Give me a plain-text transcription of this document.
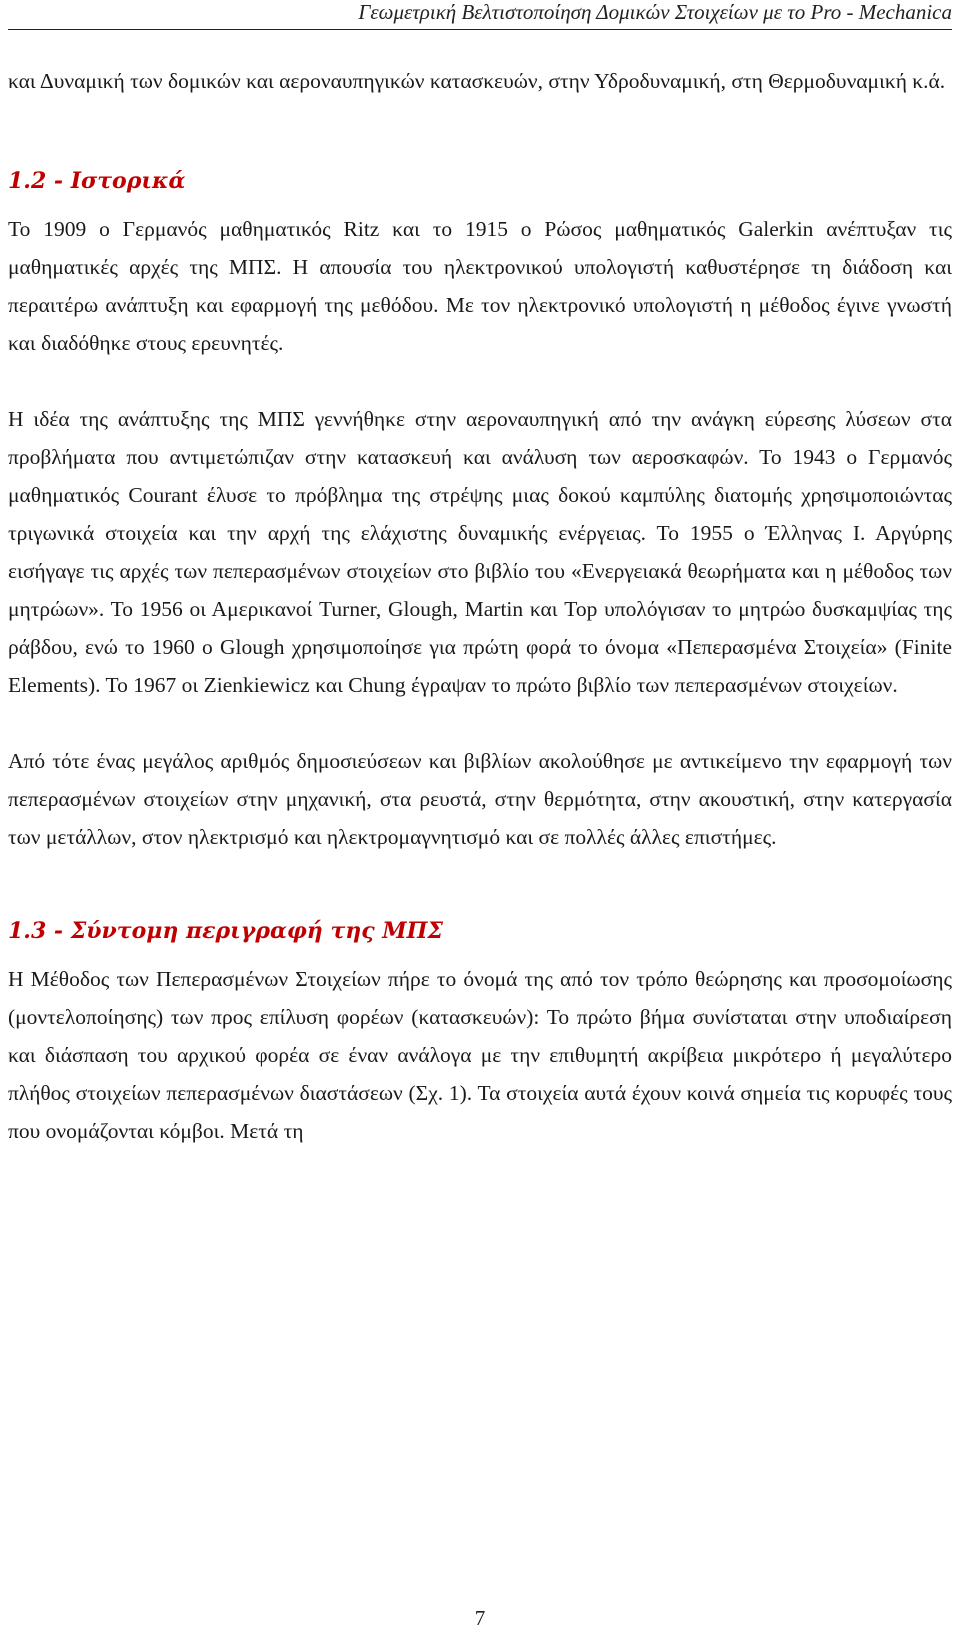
Γεωμετρική Βελτιστοποίηση Δομικών Στοιχείων με το Pro - Mechanica

και Δυναμική των δομικών και αεροναυπηγικών κατασκευών, στην Υδροδυναμική, στη Θερμοδυναμική κ.ά.

1.2 - Ιστορικά

Το 1909 ο Γερμανός μαθηματικός Ritz και το 1915 ο Ρώσος μαθηματικός Galerkin ανέπτυξαν τις μαθηματικές αρχές της ΜΠΣ. Η απουσία του ηλεκτρονικού υπολογιστή καθυστέρησε τη διάδοση και περαιτέρω ανάπτυξη και εφαρμογή της μεθόδου. Με τον ηλεκτρονικό υπολογιστή η μέθοδος έγινε γνωστή και διαδόθηκε στους ερευνητές.

Η ιδέα της ανάπτυξης της ΜΠΣ γεννήθηκε στην αεροναυπηγική από την ανάγκη εύρεσης λύσεων στα προβλήματα που αντιμετώπιζαν στην κατασκευή και ανάλυση των αεροσκαφών. Το 1943 ο Γερμανός μαθηματικός Courant έλυσε το πρόβλημα της στρέψης μιας δοκού καμπύλης διατομής χρησιμοποιώντας τριγωνικά στοιχεία και την αρχή της ελάχιστης δυναμικής ενέργειας. Το 1955 ο Έλληνας Ι. Αργύρης εισήγαγε τις αρχές των πεπερασμένων στοιχείων στο βιβλίο του «Ενεργειακά θεωρήματα και η μέθοδος των μητρώων». Το 1956 οι Αμερικανοί Turner, Glough, Martin και Top υπολόγισαν το μητρώο δυσκαμψίας της ράβδου, ενώ το 1960 ο Glough χρησιμοποίησε για πρώτη φορά το όνομα «Πεπερασμένα Στοιχεία» (Finite Elements). Το 1967 οι Zienkiewicz και Chung έγραψαν το πρώτο βιβλίο των πεπερασμένων στοιχείων.

Από τότε ένας μεγάλος αριθμός δημοσιεύσεων και βιβλίων ακολούθησε με αντικείμενο την εφαρμογή των πεπερασμένων στοιχείων στην μηχανική, στα ρευστά, στην θερμότητα, στην ακουστική, στην κατεργασία των μετάλλων, στον ηλεκτρισμό και ηλεκτρομαγνητισμό και σε πολλές άλλες επιστήμες.

1.3 - Σύντομη περιγραφή της ΜΠΣ

Η Μέθοδος των Πεπερασμένων Στοιχείων πήρε το όνομά της από τον τρόπο θεώρησης και προσομοίωσης (μοντελοποίησης) των προς επίλυση φορέων (κατασκευών): Το πρώτο βήμα συνίσταται στην υποδιαίρεση και διάσπαση του αρχικού φορέα σε έναν ανάλογα με την επιθυμητή ακρίβεια μικρότερο ή μεγαλύτερο πλήθος στοιχείων πεπερασμένων διαστάσεων (Σχ. 1). Τα στοιχεία αυτά έχουν κοινά σημεία τις κορυφές τους που ονομάζονται κόμβοι. Μετά τη

7
